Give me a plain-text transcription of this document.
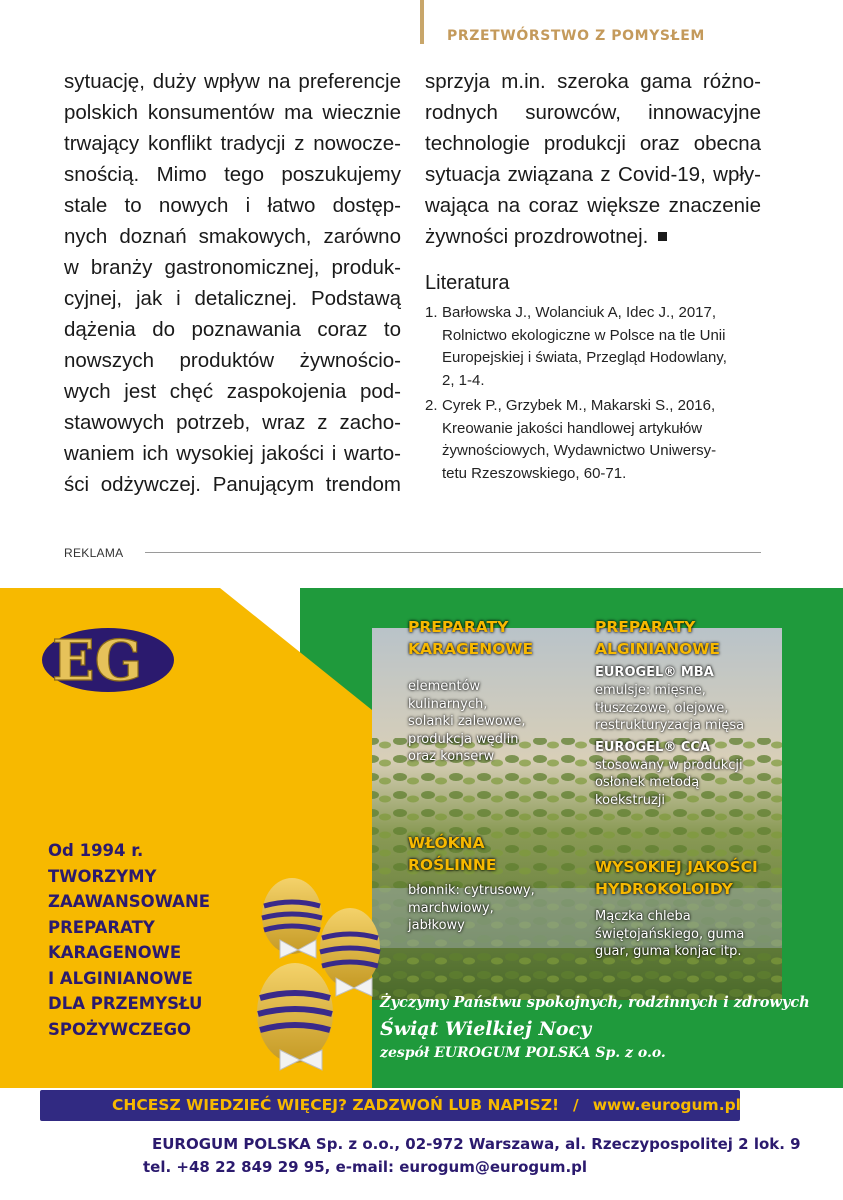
PRZETWÓRSTWO Z POMYSŁEM
sytuację, duży wpływ na preferencje
polskich konsumentów ma wiecznie
trwający konflikt tradycji z nowocze-
snością. Mimo tego poszukujemy
stale to nowych i łatwo dostęp-
nych doznań smakowych, zarówno
w branży gastronomicznej, produk-
cyjnej, jak i detalicznej. Podstawą
dążenia do poznawania coraz to
nowszych produktów żywnościo-
wych jest chęć zaspokojenia pod-
stawowych potrzeb, wraz z zacho-
waniem ich wysokiej jakości i warto-
ści odżywczej. Panującym trendom
sprzyja m.in. szeroka gama różno-
rodnych surowców, innowacyjne
technologie produkcji oraz obecna
sytuacja związana z Covid-19, wpły-
wająca na coraz większe znaczenie
żywności prozdrowotnej.
Literatura
1. Barłowska J., Wolanciuk A, Idec J., 2017,
Rolnictwo ekologiczne w Polsce na tle Unii
Europejskiej i świata, Przegląd Hodowlany,
2, 1-4.
2. Cyrek P., Grzybek M., Makarski S., 2016,
Kreowanie jakości handlowej artykułów
żywnościowych, Wydawnictwo Uniwersy-
tetu Rzeszowskiego, 60-71.
REKLAMA
EG
Od 1994 r.
TWORZYMY
ZAAWANSOWANE
PREPARATY
KARAGENOWE
I ALGINIANOWE
DLA PRZEMYSŁU
SPOŻYWCZEGO
PREPARATY
KARAGENOWE
elementów
kulinarnych,
solanki zalewowe,
produkcja wędlin
oraz konserw
PREPARATY
ALGINIANOWE
EUROGEL® MBA
emulsje: mięsne,
tłuszczowe, olejowe,
restrukturyzacja mięsa
EUROGEL® CCA
stosowany w produkcji
osłonek metodą
koekstruzji
WŁÓKNA
ROŚLINNE
błonnik: cytrusowy,
marchwiowy,
jabłkowy
WYSOKIEJ JAKOŚCI
HYDROKOLOIDY
Mączka chleba
świętojańskiego, guma
guar, guma konjac itp.
Życzymy Państwu spokojnych, rodzinnych i zdrowych
Świąt Wielkiej Nocy
zespół EUROGUM POLSKA Sp. z o.o.
CHCESZ WIEDZIEĆ WIĘCEJ? ZADZWOŃ LUB NAPISZ! / www.eurogum.pl
EUROGUM POLSKA Sp. z o.o., 02-972 Warszawa, al. Rzeczypospolitej 2 lok. 9
tel. +48 22 849 29 95, e-mail: eurogum@eurogum.pl
